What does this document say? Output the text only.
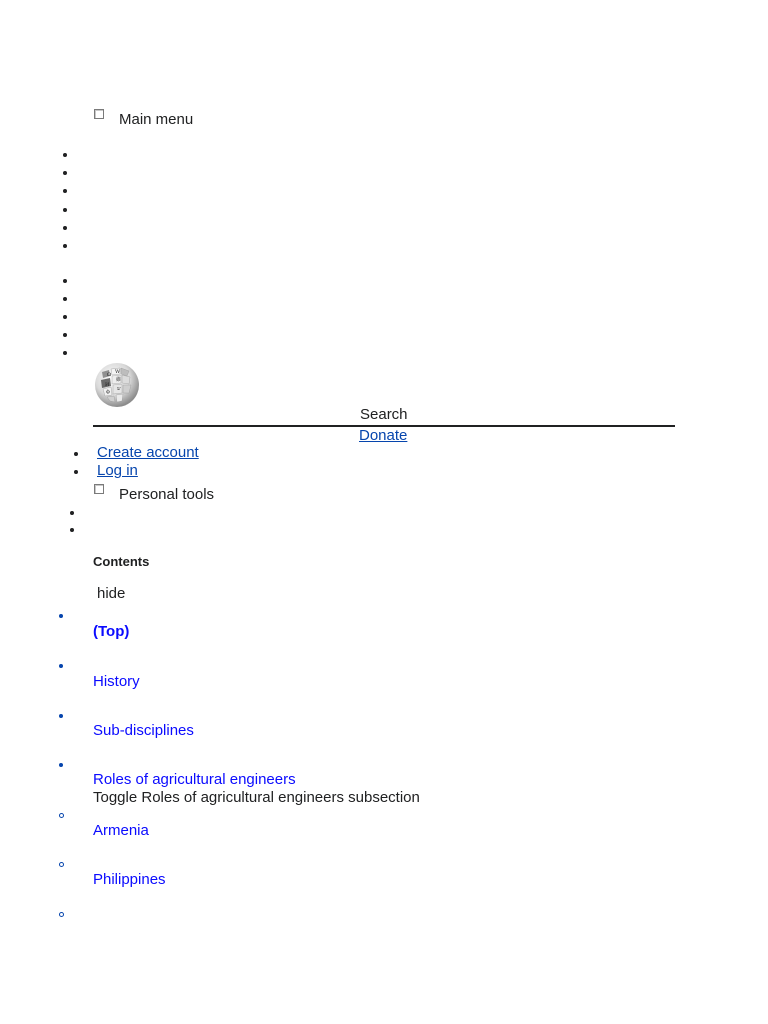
Main menu
Ω W
И
維
ф ש
Search
Donate
Create account
Log in
Personal tools
Contents
hide
(Top)
History
Sub-disciplines
Roles of agricultural engineers
Toggle Roles of agricultural engineers subsection
Armenia
Philippines
